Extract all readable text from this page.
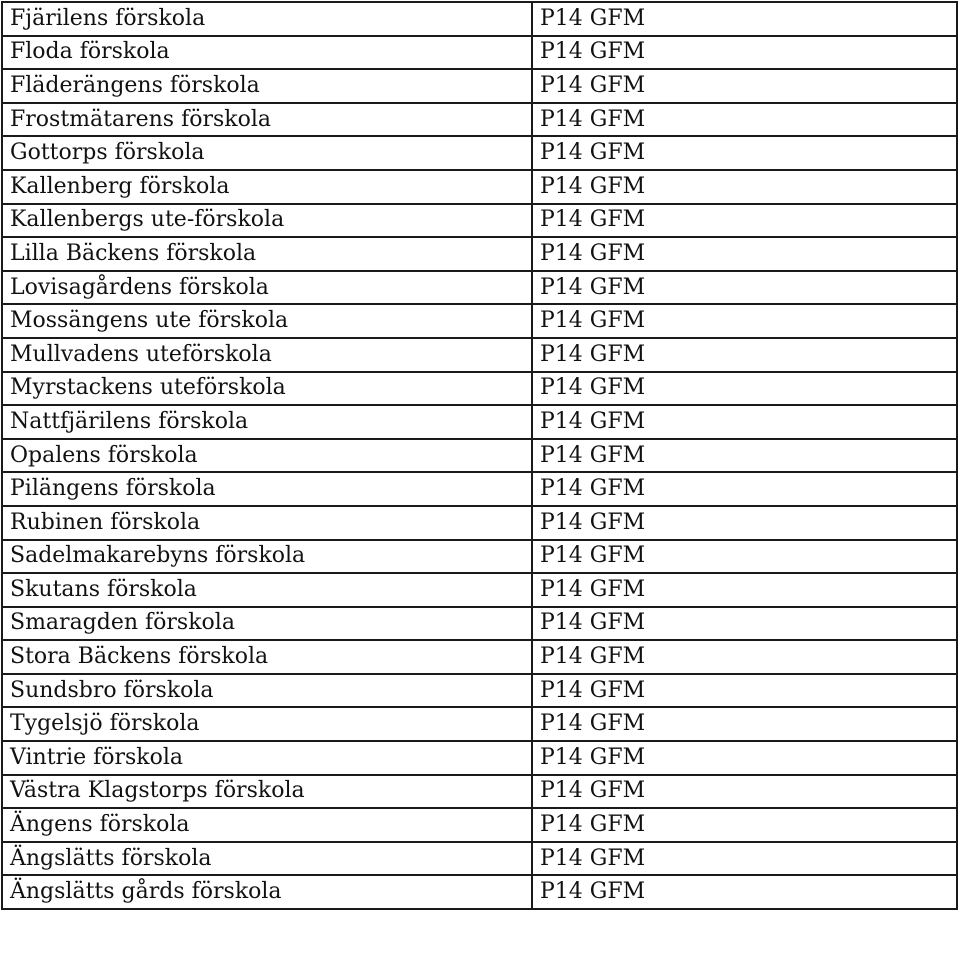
Fjärilens förskola	P14 GFM
Floda förskola	P14 GFM
Fläderängens förskola	P14 GFM
Frostmätarens förskola	P14 GFM
Gottorps förskola	P14 GFM
Kallenberg förskola	P14 GFM
Kallenbergs ute-förskola	P14 GFM
Lilla Bäckens förskola	P14 GFM
Lovisagårdens förskola	P14 GFM
Mossängens ute förskola	P14 GFM
Mullvadens uteförskola	P14 GFM
Myrstackens uteförskola	P14 GFM
Nattfjärilens förskola	P14 GFM
Opalens förskola	P14 GFM
Pilängens förskola	P14 GFM
Rubinen förskola	P14 GFM
Sadelmakarebyns förskola	P14 GFM
Skutans förskola	P14 GFM
Smaragden förskola	P14 GFM
Stora Bäckens förskola	P14 GFM
Sundsbro förskola	P14 GFM
Tygelsjö förskola	P14 GFM
Vintrie förskola	P14 GFM
Västra Klagstorps förskola	P14 GFM
Ängens förskola	P14 GFM
Ängslätts förskola	P14 GFM
Ängslätts gårds förskola	P14 GFM
